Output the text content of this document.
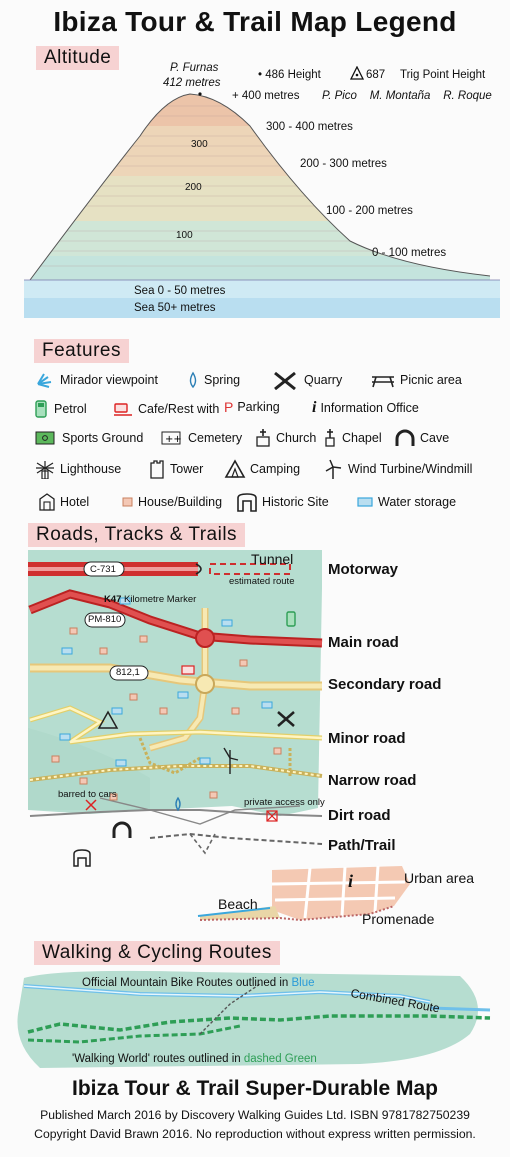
Ibiza Tour & Trail Map Legend
Altitude	P. Furnas
412 metres
• 486 Height	687 Trig Point Height
P. Pico    M. Montaña    R. Roque
+ 400 metres
300 - 400 metres
200 - 300 metres
100 - 200 metres
0 - 100 metres
300
200
100
Sea 0 - 50 metres
Sea 50+ metres
Features
Mirador viewpoint	Spring	Quarry	Picnic area
Petrol	Cafe/Rest with P Parking i Information Office
Sports Ground ++ Cemetery	Church Chapel	Cave
Lighthouse	Tower	Camping	Wind Turbine/Windmill
Hotel	House/Building	Historic Site	Water storage
Roads, Tracks & Trails
Tunnel
estimated route
C-731
K47 Kilometre Marker
PM-810
812,1
barred to cars
private access only
i
Beach
Urban area
Promenade
Motorway
Main road
Secondary road
Minor road
Narrow road
Dirt road
Path/Trail
Walking & Cycling Routes
Official Mountain Bike Routes outlined in Blue
Combined Route
'Walking World' routes outlined in dashed Green
Ibiza Tour & Trail Super-Durable Map
Published March 2016 by Discovery Walking Guides Ltd. ISBN 9781782750239
Copyright David Brawn 2016. No reproduction without express written permission.
